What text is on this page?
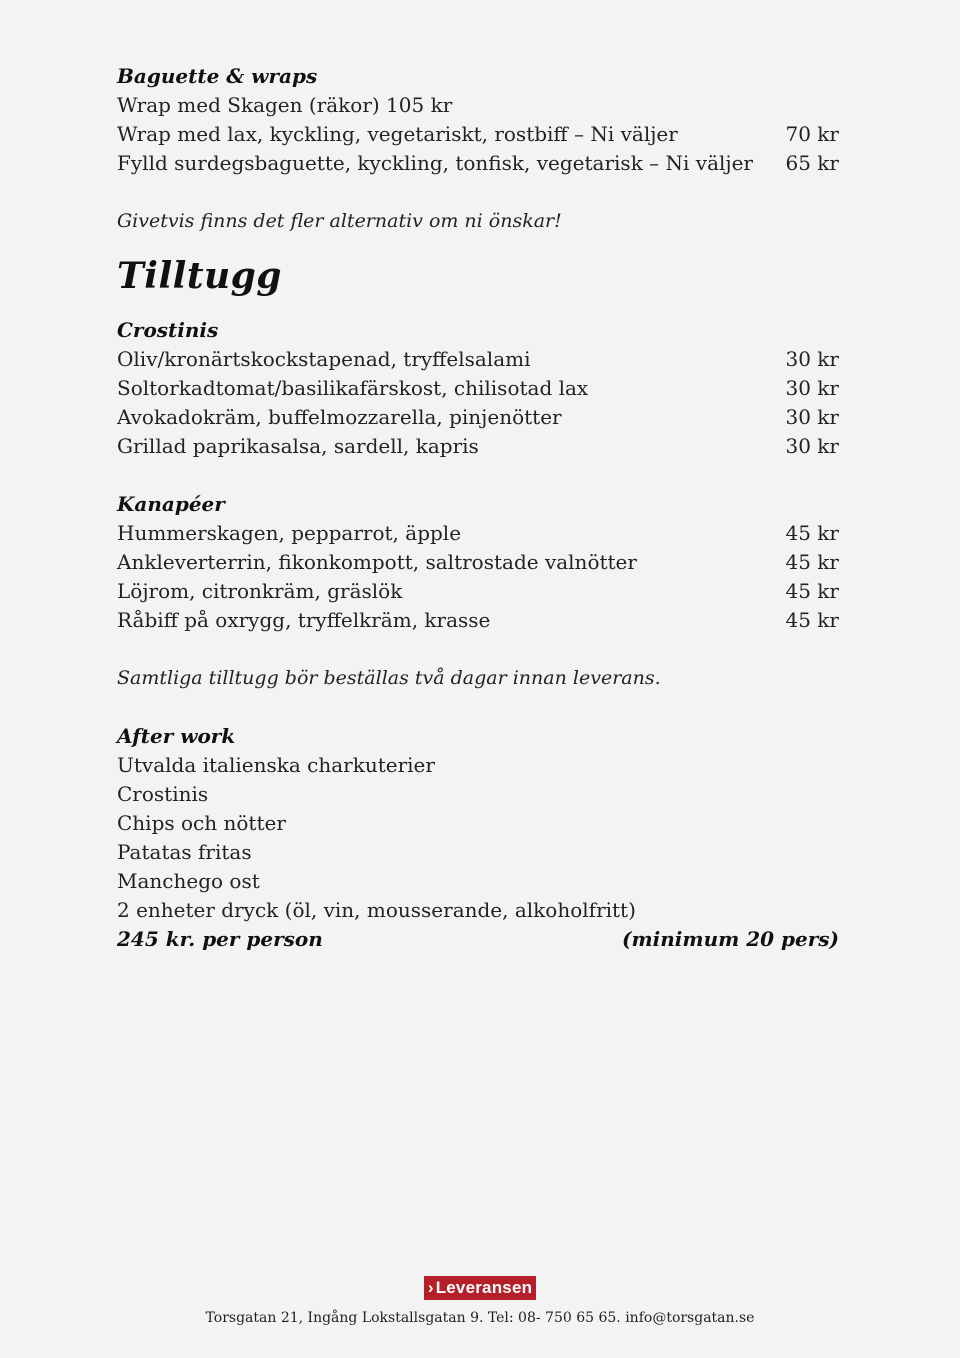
Baguette & wraps
Wrap med Skagen (räkor) 105 kr
Wrap med lax, kyckling, vegetariskt, rostbiff – Ni väljer	70 kr
Fylld surdegsbaguette, kyckling, tonfisk, vegetarisk – Ni väljer	65 kr
Givetvis finns det fler alternativ om ni önskar!
Tilltugg
Crostinis
Oliv/kronärtskockstapenad, tryffelsalami	30 kr
Soltorkadtomat/basilikafärskost, chilisotad lax	30 kr
Avokadokräm, buffelmozzarella, pinjenötter	30 kr
Grillad paprikasalsa, sardell, kapris	30 kr
Kanapéer
Hummerskagen, pepparrot, äpple	45 kr
Ankleverterrin, fikonkompott, saltrostade valnötter	45 kr
Löjrom, citronkräm, gräslök	45 kr
Råbiff på oxrygg, tryffelkräm, krasse	45 kr
Samtliga tilltugg bör beställas två dagar innan leverans.
After work
Utvalda italienska charkuterier
Crostinis
Chips och nötter
Patatas fritas
Manchego ost
2 enheter dryck (öl, vin, mousserande, alkoholfritt)
245 kr. per person	(minimum 20 pers)
› Leveransen
Torsgatan 21, Ingång Lokstallsgatan 9. Tel: 08- 750 65 65. info@torsgatan.se
